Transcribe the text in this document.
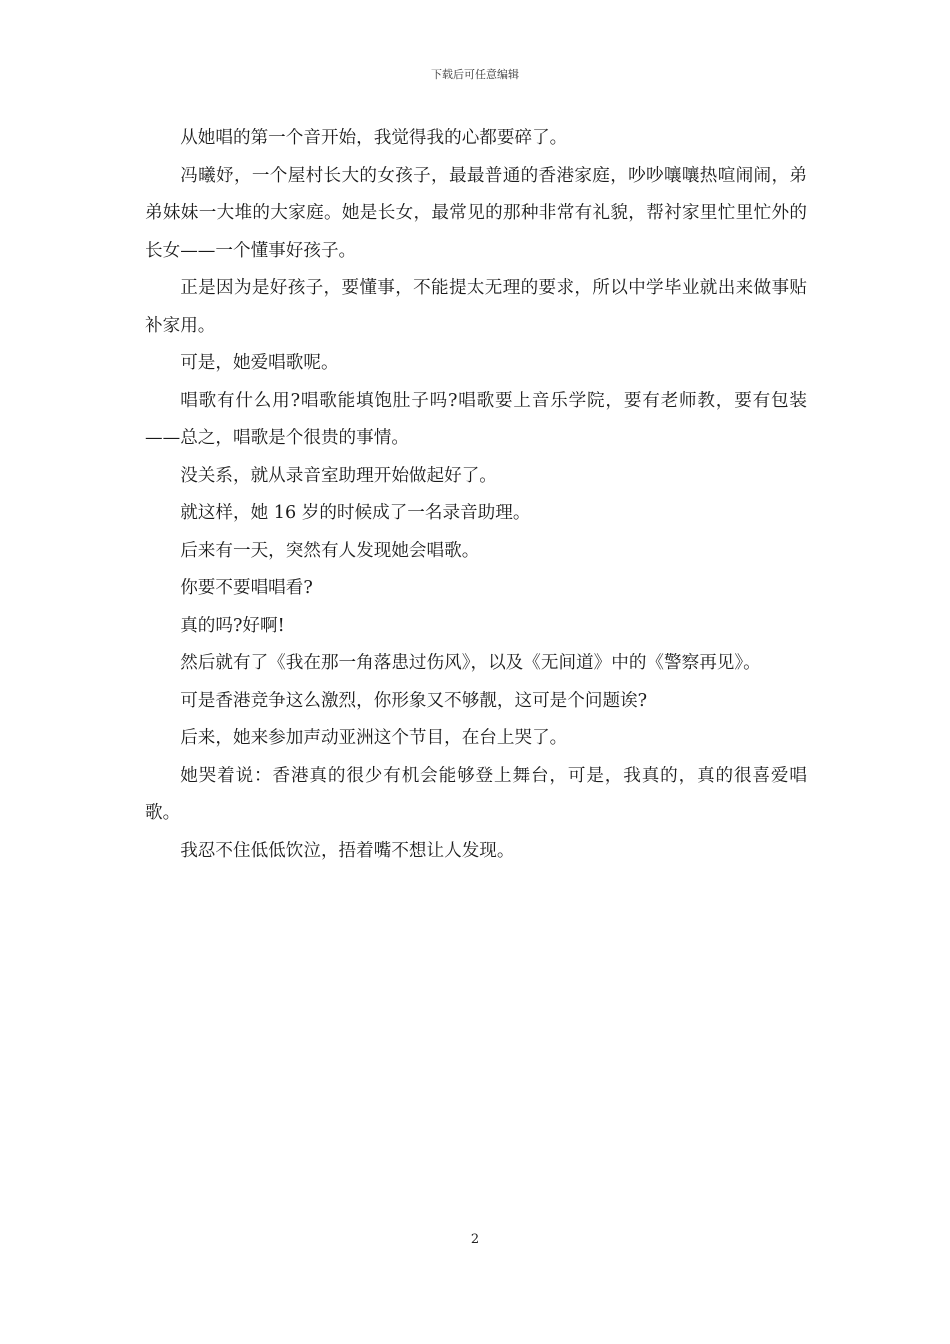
下载后可任意编辑

从她唱的第一个音开始，我觉得我的心都要碎了。

冯曦妤，一个屋村长大的女孩子，最最普通的香港家庭，吵吵嚷嚷热喧闹闹，弟弟妹妹一大堆的大家庭。她是长女，最常见的那种非常有礼貌，帮衬家里忙里忙外的长女——一个懂事好孩子。

正是因为是好孩子，要懂事，不能提太无理的要求，所以中学毕业就出来做事贴补家用。

可是，她爱唱歌呢。

唱歌有什么用?唱歌能填饱肚子吗?唱歌要上音乐学院，要有老师教，要有包装——总之，唱歌是个很贵的事情。

没关系，就从录音室助理开始做起好了。

就这样，她 16 岁的时候成了一名录音助理。

后来有一天，突然有人发现她会唱歌。

你要不要唱唱看?

真的吗?好啊!

然后就有了《我在那一角落患过伤风》，以及《无间道》中的《警察再见》。

可是香港竞争这么激烈，你形象又不够靓，这可是个问题诶?

后来，她来参加声动亚洲这个节目，在台上哭了。

她哭着说：香港真的很少有机会能够登上舞台，可是，我真的，真的很喜爱唱歌。

我忍不住低低饮泣，捂着嘴不想让人发现。

2
